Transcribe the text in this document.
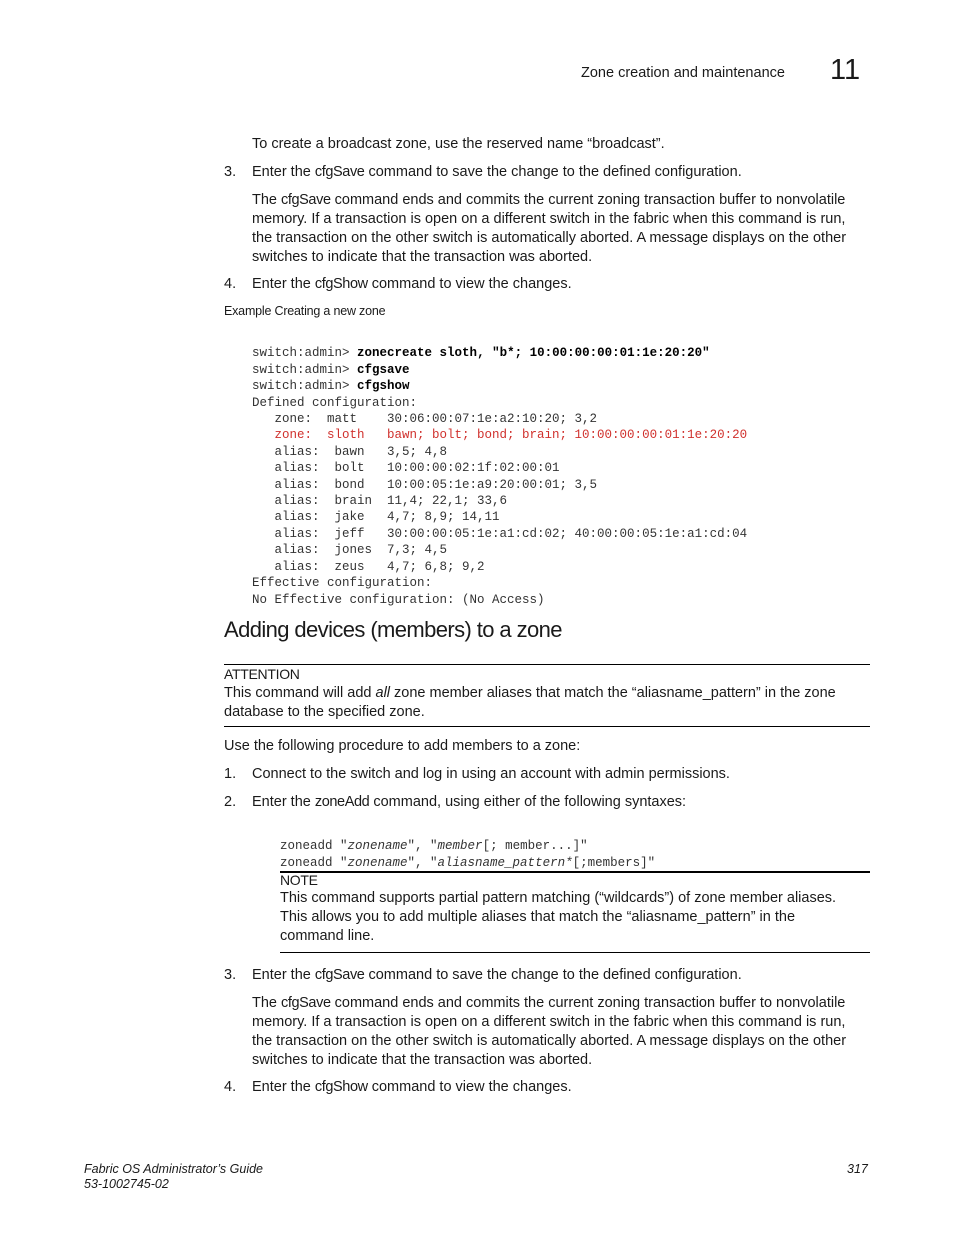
Zone creation and maintenance 11
To create a broadcast zone, use the reserved name “broadcast”.
3.	Enter the cfgSave command to save the change to the defined configuration.
The cfgSave command ends and commits the current zoning transaction buffer to nonvolatile
memory. If a transaction is open on a different switch in the fabric when this command is run,
the transaction on the other switch is automatically aborted. A message displays on the other
switches to indicate that the transaction was aborted.
4.	Enter the cfgShow command to view the changes.
Example Creating a new zone

switch:admin> zonecreate sloth, "b*; 10:00:00:00:01:1e:20:20"
switch:admin> cfgsave
switch:admin> cfgshow
Defined configuration:
zone:  matt    30:06:00:07:1e:a2:10:20; 3,2
zone:  sloth   bawn; bolt; bond; brain; 10:00:00:00:01:1e:20:20
alias:  bawn   3,5; 4,8
alias:  bolt   10:00:00:02:1f:02:00:01
alias:  bond   10:00:05:1e:a9:20:00:01; 3,5
alias:  brain  11,4; 22,1; 33,6
alias:  jake   4,7; 8,9; 14,11
alias:  jeff   30:00:00:05:1e:a1:cd:02; 40:00:00:05:1e:a1:cd:04
alias:  jones  7,3; 4,5
alias:  zeus   4,7; 6,8; 9,2
Effective configuration:
No Effective configuration: (No Access)

Adding devices (members) to a zone
ATTENTION
This command will add all zone member aliases that match the “aliasname_pattern” in the zone
database to the specified zone.
Use the following procedure to add members to a zone:
1.	Connect to the switch and log in using an account with admin permissions.
2.	Enter the zoneAdd command, using either of the following syntaxes:

zoneadd "zonename", "member[; member...]"
zoneadd "zonename", "aliasname_pattern*[;members]"

NOTE
This command supports partial pattern matching (“wildcards”) of zone member aliases.
This allows you to add multiple aliases that match the “aliasname_pattern” in the
command line.
3.	Enter the cfgSave command to save the change to the defined configuration.
The cfgSave command ends and commits the current zoning transaction buffer to nonvolatile
memory. If a transaction is open on a different switch in the fabric when this command is run,
the transaction on the other switch is automatically aborted. A message displays on the other
switches to indicate that the transaction was aborted.
4.	Enter the cfgShow command to view the changes.
Fabric OS Administrator’s Guide
53-1002745-02
317
